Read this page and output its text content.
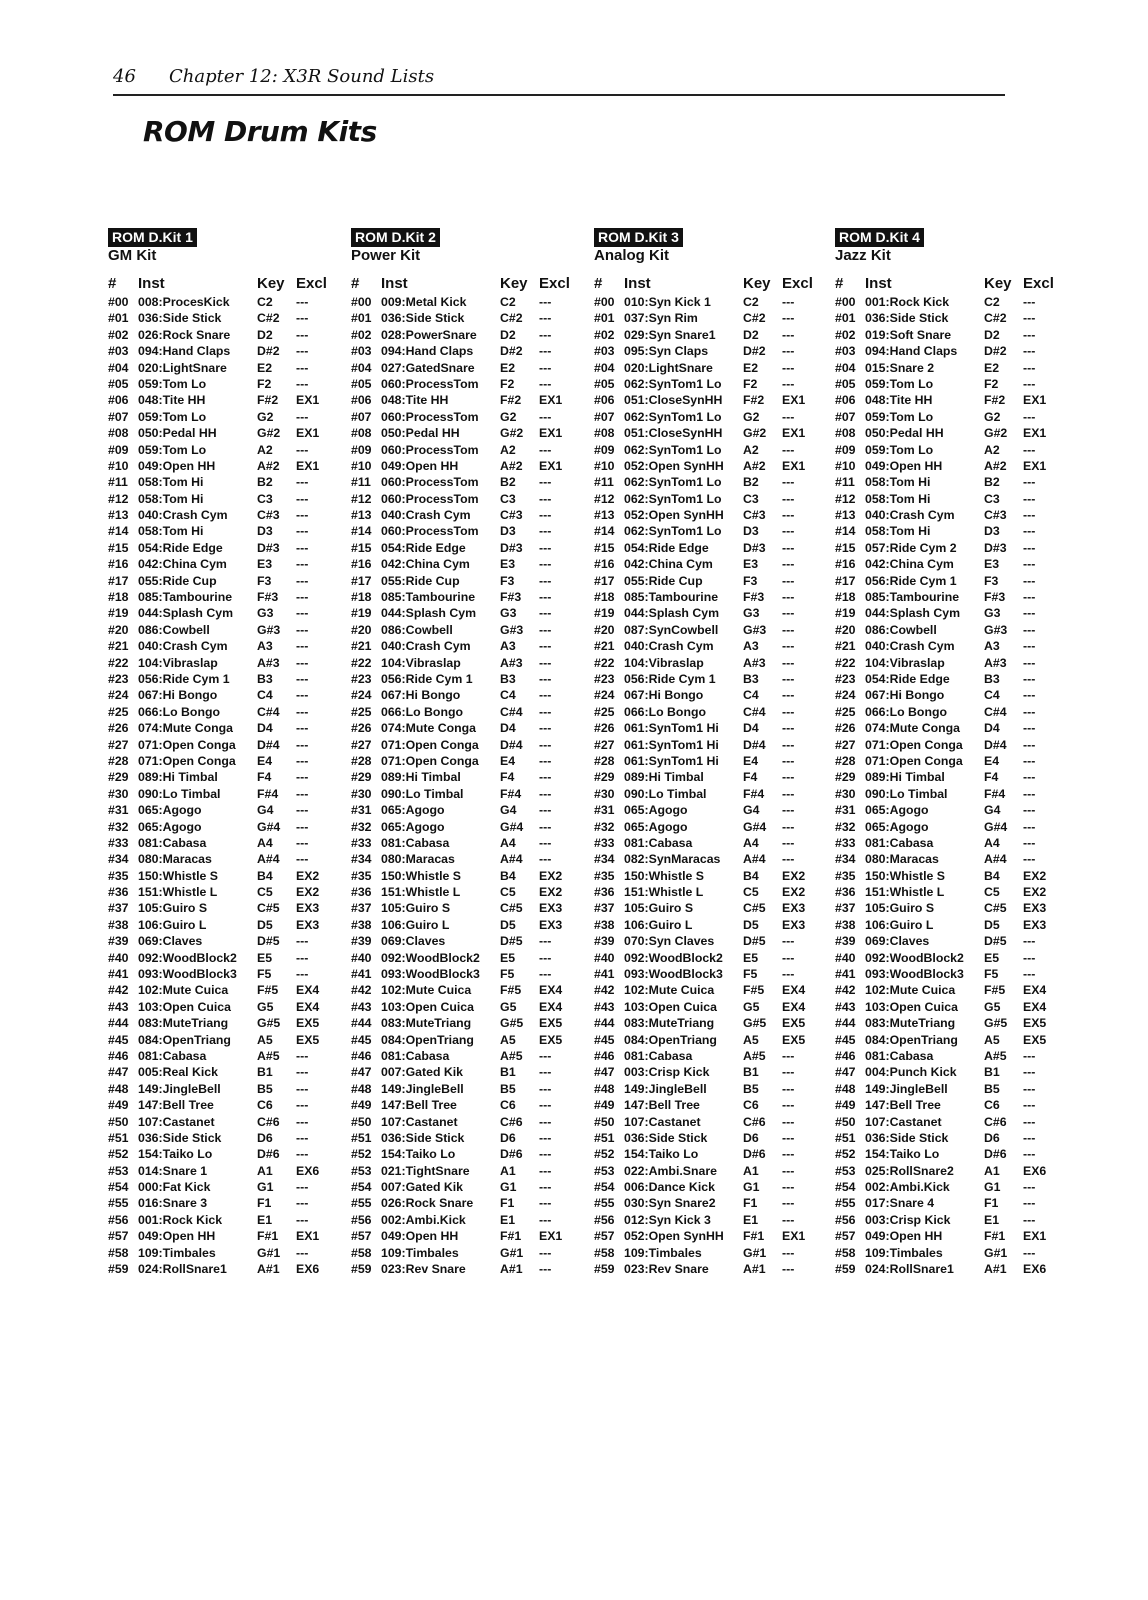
46 Chapter 12: X3R Sound Lists
ROM Drum Kits
ROM D.Kit 1
GM Kit
# Inst	Key Excl
#00 008:ProcesKick C2 ---
#01 036:Side Stick	C#2 ---
#02 026:Rock Snare D2 ---
#03 094:Hand Claps D#2 ---
#04 020:LightSnare E2 ---
#05 059:Tom Lo	F2 ---
#06 048:Tite HH	F#2 EX1
#07 059:Tom Lo	G2 ---
#08 050:Pedal HH	G#2 EX1
#09 059:Tom Lo	A2 ---
#10 049:Open HH	A#2 EX1
#11 058:Tom Hi	B2 ---
#12 058:Tom Hi	C3 ---
#13 040:Crash Cym C#3 ---
#14 058:Tom Hi	D3 ---
#15 054:Ride Edge	D#3 ---
#16 042:China Cym E3 ---
#17 055:Ride Cup	F3 ---
#18 085:Tambourine F#3 ---
#19 044:Splash Cym G3 ---
#20 086:Cowbell	G#3 ---
#21 040:Crash Cym A3 ---
#22 104:Vibraslap	A#3 ---
#23 056:Ride Cym 1 B3 ---
#24 067:Hi Bongo	C4 ---
#25 066:Lo Bongo	C#4 ---
#26 074:Mute Conga D4 ---
#27 071:Open Conga D#4 ---
#28 071:Open Conga E4 ---
#29 089:Hi Timbal	F4 ---
#30 090:Lo Timbal	F#4 ---
#31 065:Agogo	G4 ---
#32 065:Agogo	G#4 ---
#33 081:Cabasa	A4 ---
#34 080:Maracas	A#4 ---
#35 150:Whistle S	B4 EX2
#36 151:Whistle L	C5 EX2
#37 105:Guiro S	C#5 EX3
#38 106:Guiro L	D5 EX3
#39 069:Claves	D#5 ---
#40 092:WoodBlock2 E5 ---
#41 093:WoodBlock3 F5 ---
#42 102:Mute Cuica F#5 EX4
#43 103:Open Cuica G5 EX4
#44 083:MuteTriang G#5 EX5
#45 084:OpenTriang A5 EX5
#46 081:Cabasa	A#5 ---
#47 005:Real Kick	B1 ---
#48 149:JingleBell	B5 ---
#49 147:Bell Tree	C6 ---
#50 107:Castanet	C#6 ---
#51 036:Side Stick	D6 ---
#52 154:Taiko Lo	D#6 ---
#53 014:Snare 1	A1 EX6
#54 000:Fat Kick	G1 ---
#55 016:Snare 3	F1 ---
#56 001:Rock Kick	E1 ---
#57 049:Open HH	F#1 EX1
#58 109:Timbales	G#1 ---
#59 024:RollSnare1 A#1 EX6
ROM D.Kit 2
Power Kit
# Inst	Key Excl
#00 009:Metal Kick	C2 ---
#01 036:Side Stick	C#2 ---
#02 028:PowerSnare D2 ---
#03 094:Hand Claps D#2 ---
#04 027:GatedSnare E2 ---
#05 060:ProcessTom F2 ---
#06 048:Tite HH	F#2 EX1
#07 060:ProcessTom G2 ---
#08 050:Pedal HH	G#2 EX1
#09 060:ProcessTom A2 ---
#10 049:Open HH	A#2 EX1
#11 060:ProcessTom B2 ---
#12 060:ProcessTom C3 ---
#13 040:Crash Cym C#3 ---
#14 060:ProcessTom D3 ---
#15 054:Ride Edge	D#3 ---
#16 042:China Cym E3 ---
#17 055:Ride Cup	F3 ---
#18 085:Tambourine F#3 ---
#19 044:Splash Cym G3 ---
#20 086:Cowbell	G#3 ---
#21 040:Crash Cym A3 ---
#22 104:Vibraslap	A#3 ---
#23 056:Ride Cym 1 B3 ---
#24 067:Hi Bongo	C4 ---
#25 066:Lo Bongo	C#4 ---
#26 074:Mute Conga D4 ---
#27 071:Open Conga D#4 ---
#28 071:Open Conga E4 ---
#29 089:Hi Timbal	F4 ---
#30 090:Lo Timbal	F#4 ---
#31 065:Agogo	G4 ---
#32 065:Agogo	G#4 ---
#33 081:Cabasa	A4 ---
#34 080:Maracas	A#4 ---
#35 150:Whistle S	B4 EX2
#36 151:Whistle L	C5 EX2
#37 105:Guiro S	C#5 EX3
#38 106:Guiro L	D5 EX3
#39 069:Claves	D#5 ---
#40 092:WoodBlock2 E5 ---
#41 093:WoodBlock3 F5 ---
#42 102:Mute Cuica F#5 EX4
#43 103:Open Cuica G5 EX4
#44 083:MuteTriang G#5 EX5
#45 084:OpenTriang A5 EX5
#46 081:Cabasa	A#5 ---
#47 007:Gated Kik	B1 ---
#48 149:JingleBell	B5 ---
#49 147:Bell Tree	C6 ---
#50 107:Castanet	C#6 ---
#51 036:Side Stick	D6 ---
#52 154:Taiko Lo	D#6 ---
#53 021:TightSnare A1 ---
#54 007:Gated Kik	G1 ---
#55 026:Rock Snare F1 ---
#56 002:Ambi.Kick	E1 ---
#57 049:Open HH	F#1 EX1
#58 109:Timbales	G#1 ---
#59 023:Rev Snare	A#1 ---
ROM D.Kit 3
Analog Kit
# Inst	Key Excl
#00 010:Syn Kick 1	C2 ---
#01 037:Syn Rim	C#2 ---
#02 029:Syn Snare1 D2 ---
#03 095:Syn Claps	D#2 ---
#04 020:LightSnare E2 ---
#05 062:SynTom1 Lo F2 ---
#06 051:CloseSynHH F#2 EX1
#07 062:SynTom1 Lo G2 ---
#08 051:CloseSynHH G#2 EX1
#09 062:SynTom1 Lo A2 ---
#10 052:Open SynHH A#2 EX1
#11 062:SynTom1 Lo B2 ---
#12 062:SynTom1 Lo C3 ---
#13 052:Open SynHH C#3 ---
#14 062:SynTom1 Lo D3 ---
#15 054:Ride Edge	D#3 ---
#16 042:China Cym E3 ---
#17 055:Ride Cup	F3 ---
#18 085:Tambourine F#3 ---
#19 044:Splash Cym G3 ---
#20 087:SynCowbell G#3 ---
#21 040:Crash Cym A3 ---
#22 104:Vibraslap	A#3 ---
#23 056:Ride Cym 1 B3 ---
#24 067:Hi Bongo	C4 ---
#25 066:Lo Bongo	C#4 ---
#26 061:SynTom1 Hi D4 ---
#27 061:SynTom1 Hi D#4 ---
#28 061:SynTom1 Hi E4 ---
#29 089:Hi Timbal	F4 ---
#30 090:Lo Timbal	F#4 ---
#31 065:Agogo	G4 ---
#32 065:Agogo	G#4 ---
#33 081:Cabasa	A4 ---
#34 082:SynMaracas A#4 ---
#35 150:Whistle S	B4 EX2
#36 151:Whistle L	C5 EX2
#37 105:Guiro S	C#5 EX3
#38 106:Guiro L	D5 EX3
#39 070:Syn Claves D#5 ---
#40 092:WoodBlock2 E5 ---
#41 093:WoodBlock3 F5 ---
#42 102:Mute Cuica F#5 EX4
#43 103:Open Cuica G5 EX4
#44 083:MuteTriang G#5 EX5
#45 084:OpenTriang A5 EX5
#46 081:Cabasa	A#5 ---
#47 003:Crisp Kick	B1 ---
#48 149:JingleBell	B5 ---
#49 147:Bell Tree	C6 ---
#50 107:Castanet	C#6 ---
#51 036:Side Stick	D6 ---
#52 154:Taiko Lo	D#6 ---
#53 022:Ambi.Snare A1 ---
#54 006:Dance Kick G1 ---
#55 030:Syn Snare2 F1 ---
#56 012:Syn Kick 3	E1 ---
#57 052:Open SynHH F#1 EX1
#58 109:Timbales	G#1 ---
#59 023:Rev Snare	A#1 ---
ROM D.Kit 4
Jazz Kit
# Inst	Key Excl
#00 001:Rock Kick	C2 ---
#01 036:Side Stick	C#2 ---
#02 019:Soft Snare	D2 ---
#03 094:Hand Claps D#2 ---
#04 015:Snare 2	E2 ---
#05 059:Tom Lo	F2 ---
#06 048:Tite HH	F#2 EX1
#07 059:Tom Lo	G2 ---
#08 050:Pedal HH	G#2 EX1
#09 059:Tom Lo	A2 ---
#10 049:Open HH	A#2 EX1
#11 058:Tom Hi	B2 ---
#12 058:Tom Hi	C3 ---
#13 040:Crash Cym C#3 ---
#14 058:Tom Hi	D3 ---
#15 057:Ride Cym 2 D#3 ---
#16 042:China Cym E3 ---
#17 056:Ride Cym 1 F3 ---
#18 085:Tambourine F#3 ---
#19 044:Splash Cym G3 ---
#20 086:Cowbell	G#3 ---
#21 040:Crash Cym A3 ---
#22 104:Vibraslap	A#3 ---
#23 054:Ride Edge	B3 ---
#24 067:Hi Bongo	C4 ---
#25 066:Lo Bongo	C#4 ---
#26 074:Mute Conga D4 ---
#27 071:Open Conga D#4 ---
#28 071:Open Conga E4 ---
#29 089:Hi Timbal	F4 ---
#30 090:Lo Timbal	F#4 ---
#31 065:Agogo	G4 ---
#32 065:Agogo	G#4 ---
#33 081:Cabasa	A4 ---
#34 080:Maracas	A#4 ---
#35 150:Whistle S	B4 EX2
#36 151:Whistle L	C5 EX2
#37 105:Guiro S	C#5 EX3
#38 106:Guiro L	D5 EX3
#39 069:Claves	D#5 ---
#40 092:WoodBlock2 E5 ---
#41 093:WoodBlock3 F5 ---
#42 102:Mute Cuica F#5 EX4
#43 103:Open Cuica G5 EX4
#44 083:MuteTriang G#5 EX5
#45 084:OpenTriang A5 EX5
#46 081:Cabasa	A#5 ---
#47 004:Punch Kick B1 ---
#48 149:JingleBell	B5 ---
#49 147:Bell Tree	C6 ---
#50 107:Castanet	C#6 ---
#51 036:Side Stick	D6 ---
#52 154:Taiko Lo	D#6 ---
#53 025:RollSnare2 A1 EX6
#54 002:Ambi.Kick	G1 ---
#55 017:Snare 4	F1 ---
#56 003:Crisp Kick	E1 ---
#57 049:Open HH	F#1 EX1
#58 109:Timbales	G#1 ---
#59 024:RollSnare1 A#1 EX6
